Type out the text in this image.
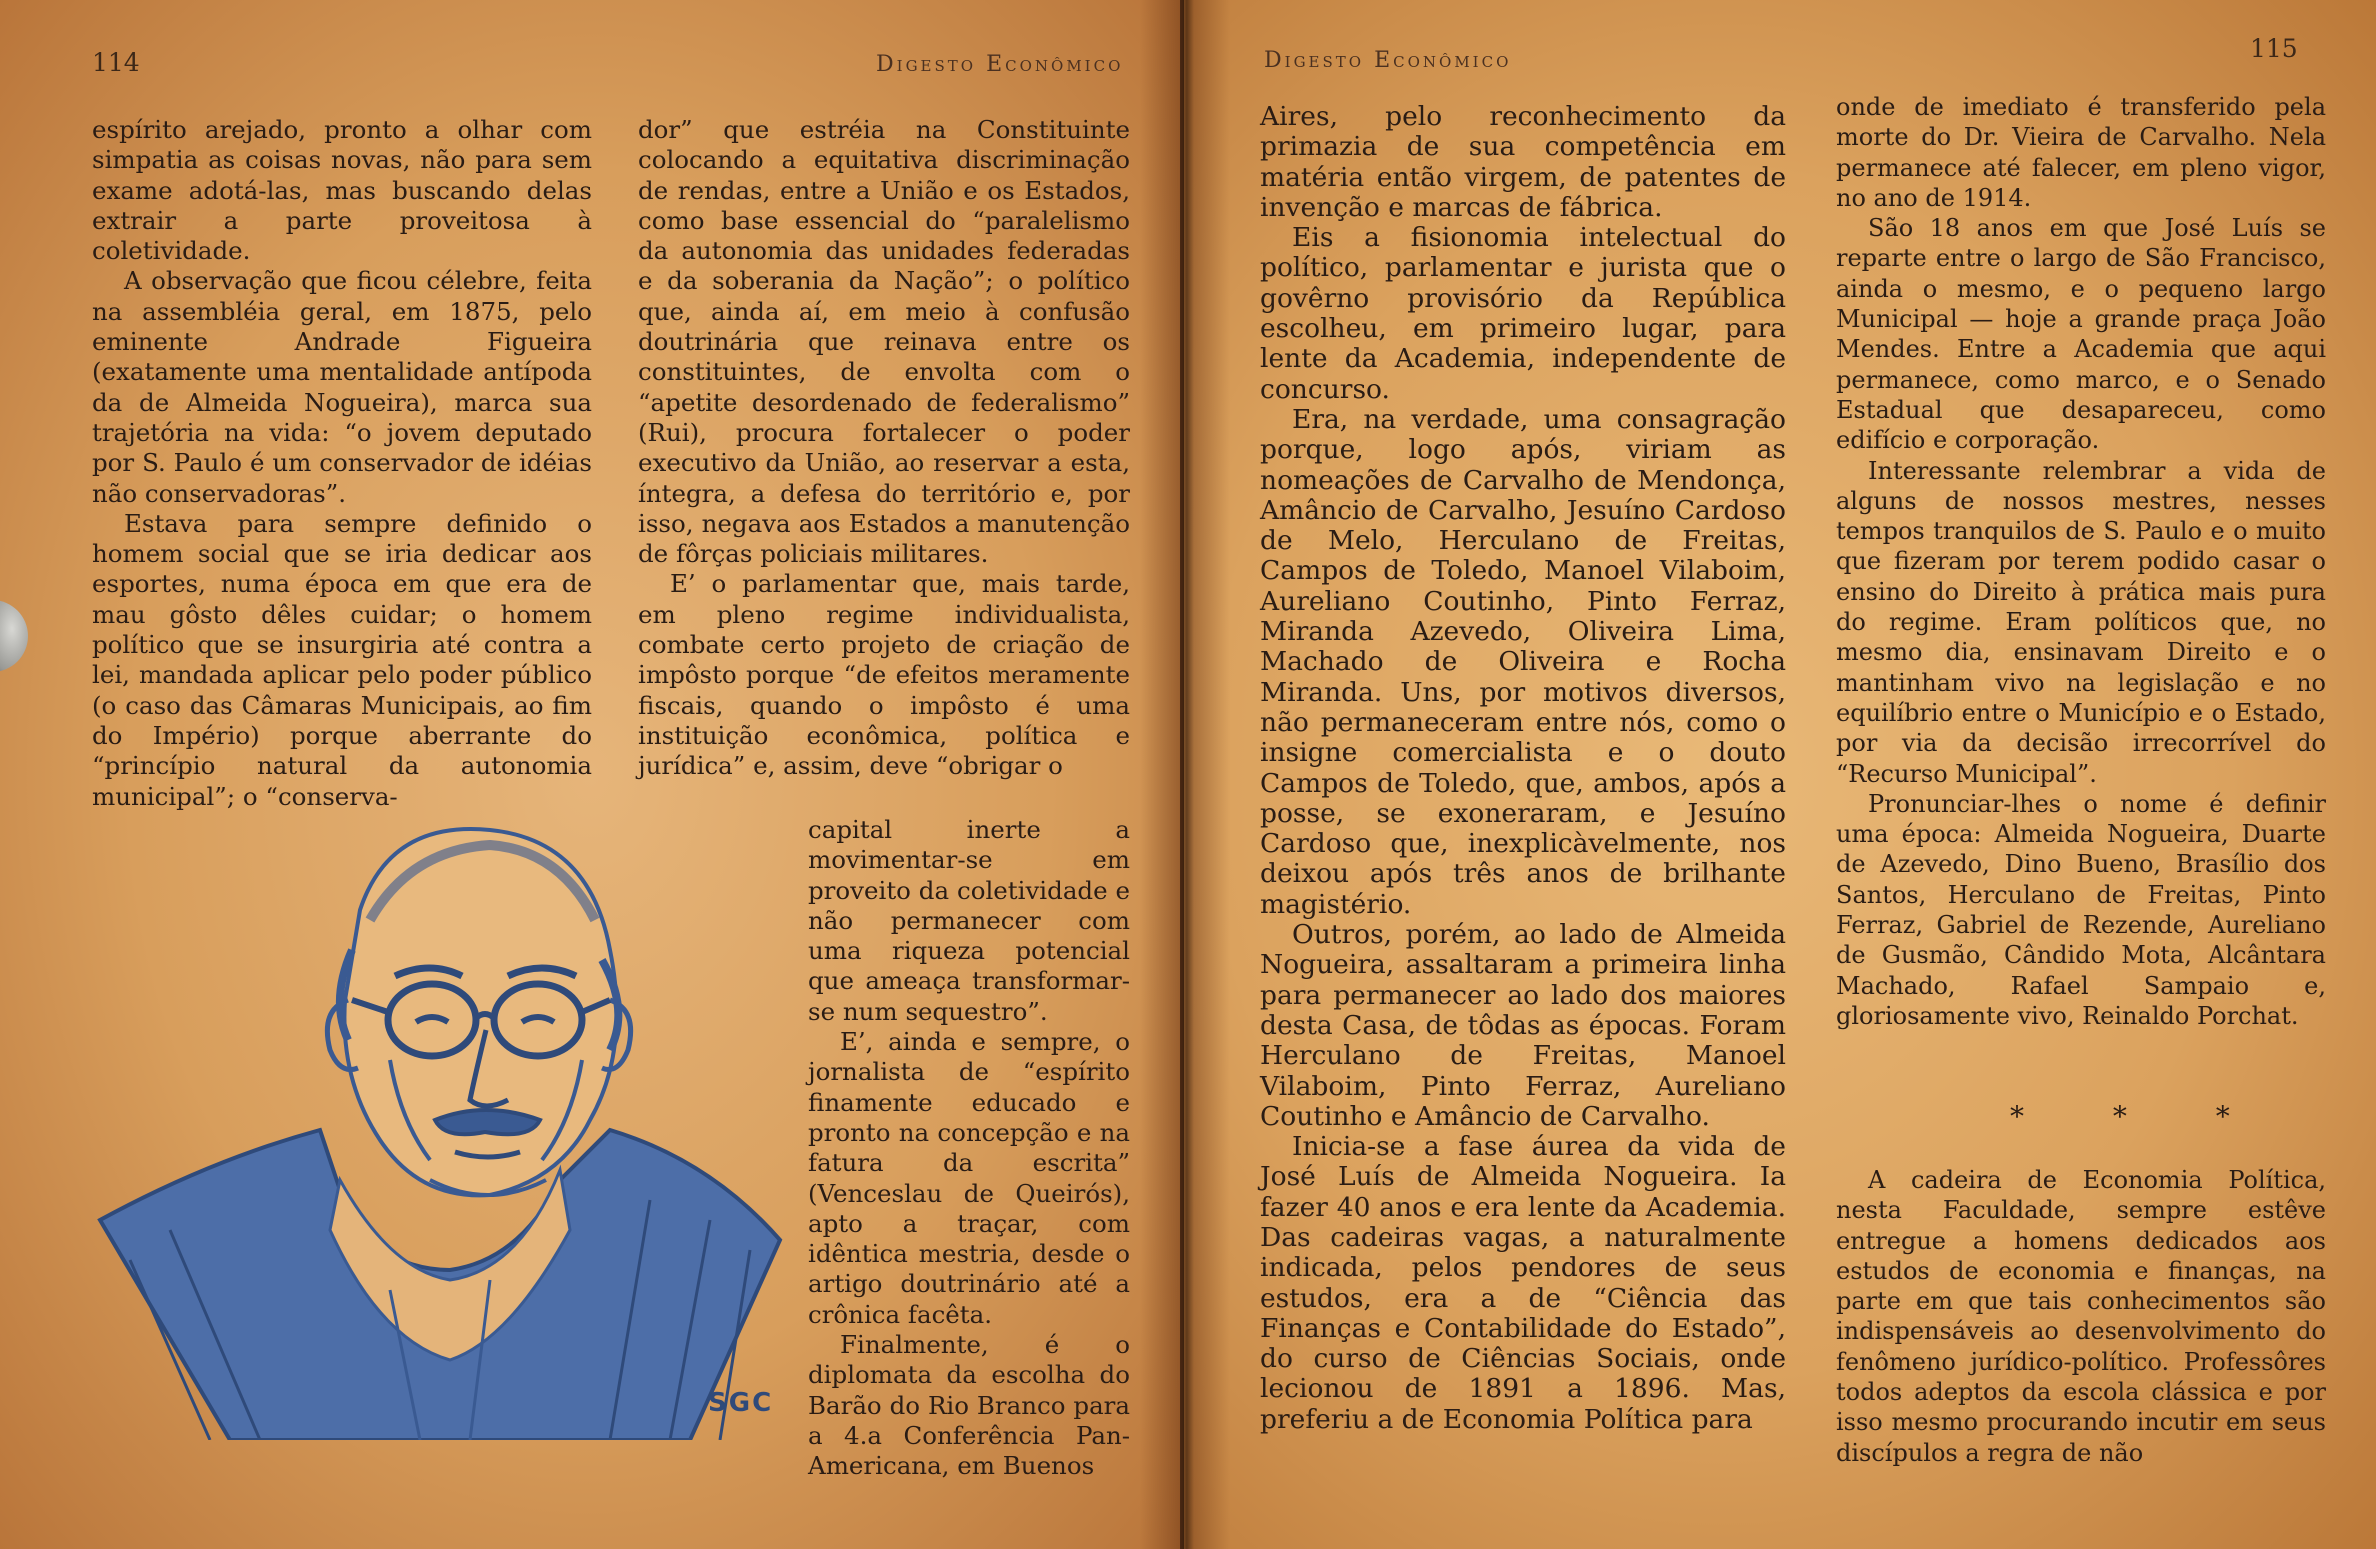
114	Digesto Econômico

espírito arejado, pronto a olhar com simpatia as coisas novas, não para sem exame adotá-las, mas buscando delas extrair a parte proveitosa à coletividade.

A observação que ficou célebre, feita na assembléia geral, em 1875, pelo eminente Andrade Figueira (exatamente uma mentalidade antípoda da de Almeida Nogueira), marca sua trajetória na vida: “o jovem deputado por S. Paulo é um conservador de idéias não conservadoras”.

Estava para sempre definido o homem social que se iria dedicar aos esportes, numa época em que era de mau gôsto dêles cuidar; o homem político que se insurgiria até contra a lei, mandada aplicar pelo poder público (o caso das Câmaras Municipais, ao fim do Império) porque aberrante do “princípio natural da autonomia municipal”; o “conserva-

dor” que estréia na Constituinte colocando a equitativa discriminação de rendas, entre a União e os Estados, como base essencial do “paralelismo da autonomia das unidades federadas e da soberania da Nação”; o político que, ainda aí, em meio à confusão doutrinária que reinava entre os constituintes, de envolta com o “apetite desordenado de federalismo” (Rui), procura fortalecer o poder executivo da União, ao reservar a esta, íntegra, a defesa do território e, por isso, negava aos Estados a manutenção de fôrças policiais militares.

E’ o parlamentar que, mais tarde, em pleno regime individualista, combate certo projeto de criação de impôsto porque “de efeitos meramente fiscais, quando o impôsto é uma instituição econômica, política e jurídica” e, assim, deve “obrigar o

capital inerte a movimentar-se em proveito da coletividade e não permanecer com uma riqueza potencial que ameaça transformar-se num sequestro”.

E’, ainda e sempre, o jornalista de “espírito finamente educado e pronto na concepção e na fatura da escrita” (Venceslau de Queirós), apto a traçar, com idêntica mestria, desde o artigo doutrinário até a crônica facêta.

Finalmente, é o diplomata da escolha do Barão do Rio Branco para a 4.a Conferência Pan-Americana, em Buenos

SGC
115
Digesto Econômico

Aires, pelo reconhecimento da primazia de sua competência em matéria então virgem, de patentes de invenção e marcas de fábrica.

Eis a fisionomia intelectual do político, parlamentar e jurista que o govêrno provisório da República escolheu, em primeiro lugar, para lente da Academia, independente de concurso.

Era, na verdade, uma consagração porque, logo após, viriam as nomeações de Carvalho de Mendonça, Amâncio de Carvalho, Jesuíno Cardoso de Melo, Herculano de Freitas, Campos de Toledo, Manoel Vilaboim, Aureliano Coutinho, Pinto Ferraz, Miranda Azevedo, Oliveira Lima, Machado de Oliveira e Rocha Miranda. Uns, por motivos diversos, não permaneceram entre nós, como o insigne comercialista e o douto Campos de Toledo, que, ambos, após a posse, se exoneraram, e Jesuíno Cardoso que, inexplicàvelmente, nos deixou após três anos de brilhante magistério.

Outros, porém, ao lado de Almeida Nogueira, assaltaram a primeira linha para permanecer ao lado dos maiores desta Casa, de tôdas as épocas. Foram Herculano de Freitas, Manoel Vilaboim, Pinto Ferraz, Aureliano Coutinho e Amâncio de Carvalho.

Inicia-se a fase áurea da vida de José Luís de Almeida Nogueira. Ia fazer 40 anos e era lente da Academia. Das cadeiras vagas, a naturalmente indicada, pelos pendores de seus estudos, era a de “Ciência das Finanças e Contabilidade do Estado”, do curso de Ciências Sociais, onde lecionou de 1891 a 1896. Mas, preferiu a de Economia Política para

onde de imediato é transferido pela morte do Dr. Vieira de Carvalho. Nela permanece até falecer, em pleno vigor, no ano de 1914.

São 18 anos em que José Luís se reparte entre o largo de São Francisco, ainda o mesmo, e o pequeno largo Municipal — hoje a grande praça João Mendes. Entre a Academia que aqui permanece, como marco, e o Senado Estadual que desapareceu, como edifício e corporação.

Interessante relembrar a vida de alguns de nossos mestres, nesses tempos tranquilos de S. Paulo e o muito que fizeram por terem podido casar o ensino do Direito à prática mais pura do regime. Eram políticos que, no mesmo dia, ensinavam Direito e o mantinham vivo na legislação e no equilíbrio entre o Município e o Estado, por via da decisão irrecorrível do “Recurso Municipal”.

Pronunciar-lhes o nome é definir uma época: Almeida Nogueira, Duarte de Azevedo, Dino Bueno, Brasílio dos Santos, Herculano de Freitas, Pinto Ferraz, Gabriel de Rezende, Aureliano de Gusmão, Cândido Mota, Alcântara Machado, Rafael Sampaio e, gloriosamente vivo, Reinaldo Porchat.

* * *

A cadeira de Economia Política, nesta Faculdade, sempre estêve entregue a homens dedicados aos estudos de economia e finanças, na parte em que tais conhecimentos são indispensáveis ao desenvolvimento do fenômeno jurídico-político. Professôres todos adeptos da escola clássica e por isso mesmo procurando incutir em seus discípulos a regra de não
